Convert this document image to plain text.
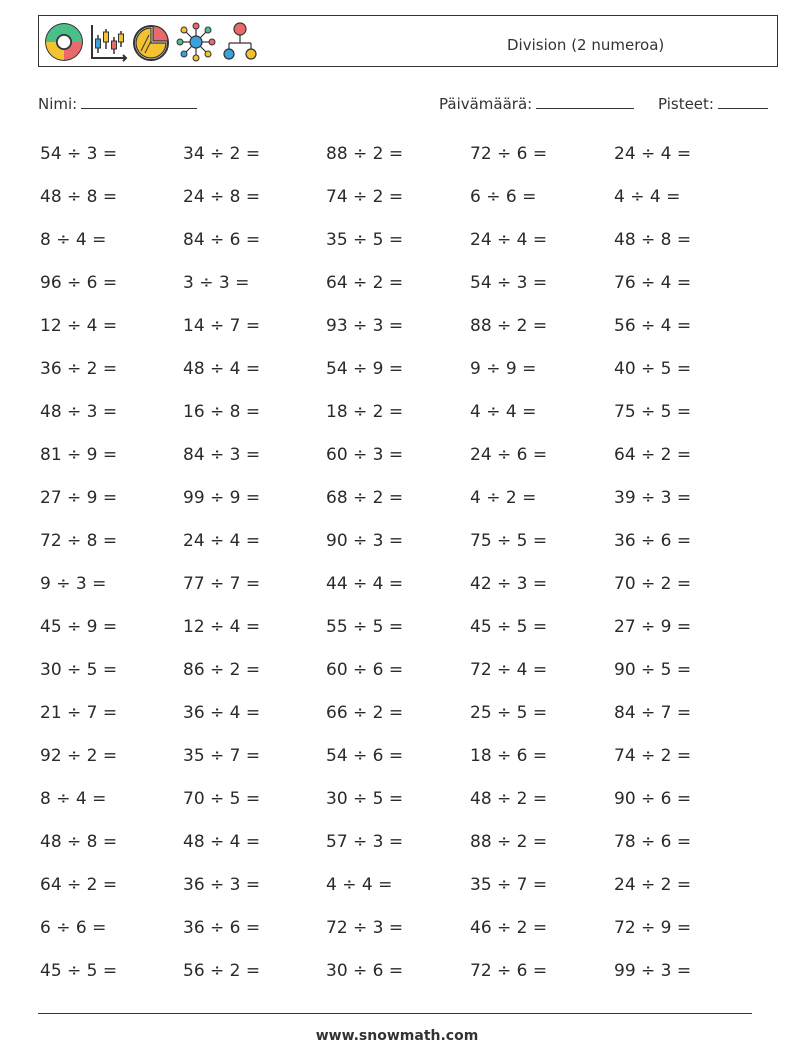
Division (2 numeroa)
Nimi:	Päivämäärä:	Pisteet:
54 ÷ 3 =	34 ÷ 2 =	88 ÷ 2 =	72 ÷ 6 =	24 ÷ 4 =
48 ÷ 8 =	24 ÷ 8 =	74 ÷ 2 =	6 ÷ 6 =	4 ÷ 4 =
8 ÷ 4 =	84 ÷ 6 =	35 ÷ 5 =	24 ÷ 4 =	48 ÷ 8 =
96 ÷ 6 =	3 ÷ 3 =	64 ÷ 2 =	54 ÷ 3 =	76 ÷ 4 =
12 ÷ 4 =	14 ÷ 7 =	93 ÷ 3 =	88 ÷ 2 =	56 ÷ 4 =
36 ÷ 2 =	48 ÷ 4 =	54 ÷ 9 =	9 ÷ 9 =	40 ÷ 5 =
48 ÷ 3 =	16 ÷ 8 =	18 ÷ 2 =	4 ÷ 4 =	75 ÷ 5 =
81 ÷ 9 =	84 ÷ 3 =	60 ÷ 3 =	24 ÷ 6 =	64 ÷ 2 =
27 ÷ 9 =	99 ÷ 9 =	68 ÷ 2 =	4 ÷ 2 =	39 ÷ 3 =
72 ÷ 8 =	24 ÷ 4 =	90 ÷ 3 =	75 ÷ 5 =	36 ÷ 6 =
9 ÷ 3 =	77 ÷ 7 =	44 ÷ 4 =	42 ÷ 3 =	70 ÷ 2 =
45 ÷ 9 =	12 ÷ 4 =	55 ÷ 5 =	45 ÷ 5 =	27 ÷ 9 =
30 ÷ 5 =	86 ÷ 2 =	60 ÷ 6 =	72 ÷ 4 =	90 ÷ 5 =
21 ÷ 7 =	36 ÷ 4 =	66 ÷ 2 =	25 ÷ 5 =	84 ÷ 7 =
92 ÷ 2 =	35 ÷ 7 =	54 ÷ 6 =	18 ÷ 6 =	74 ÷ 2 =
8 ÷ 4 =	70 ÷ 5 =	30 ÷ 5 =	48 ÷ 2 =	90 ÷ 6 =
48 ÷ 8 =	48 ÷ 4 =	57 ÷ 3 =	88 ÷ 2 =	78 ÷ 6 =
64 ÷ 2 =	36 ÷ 3 =	4 ÷ 4 =	35 ÷ 7 =	24 ÷ 2 =
6 ÷ 6 =	36 ÷ 6 =	72 ÷ 3 =	46 ÷ 2 =	72 ÷ 9 =
45 ÷ 5 =	56 ÷ 2 =	30 ÷ 6 =	72 ÷ 6 =	99 ÷ 3 =
www.snowmath.com
